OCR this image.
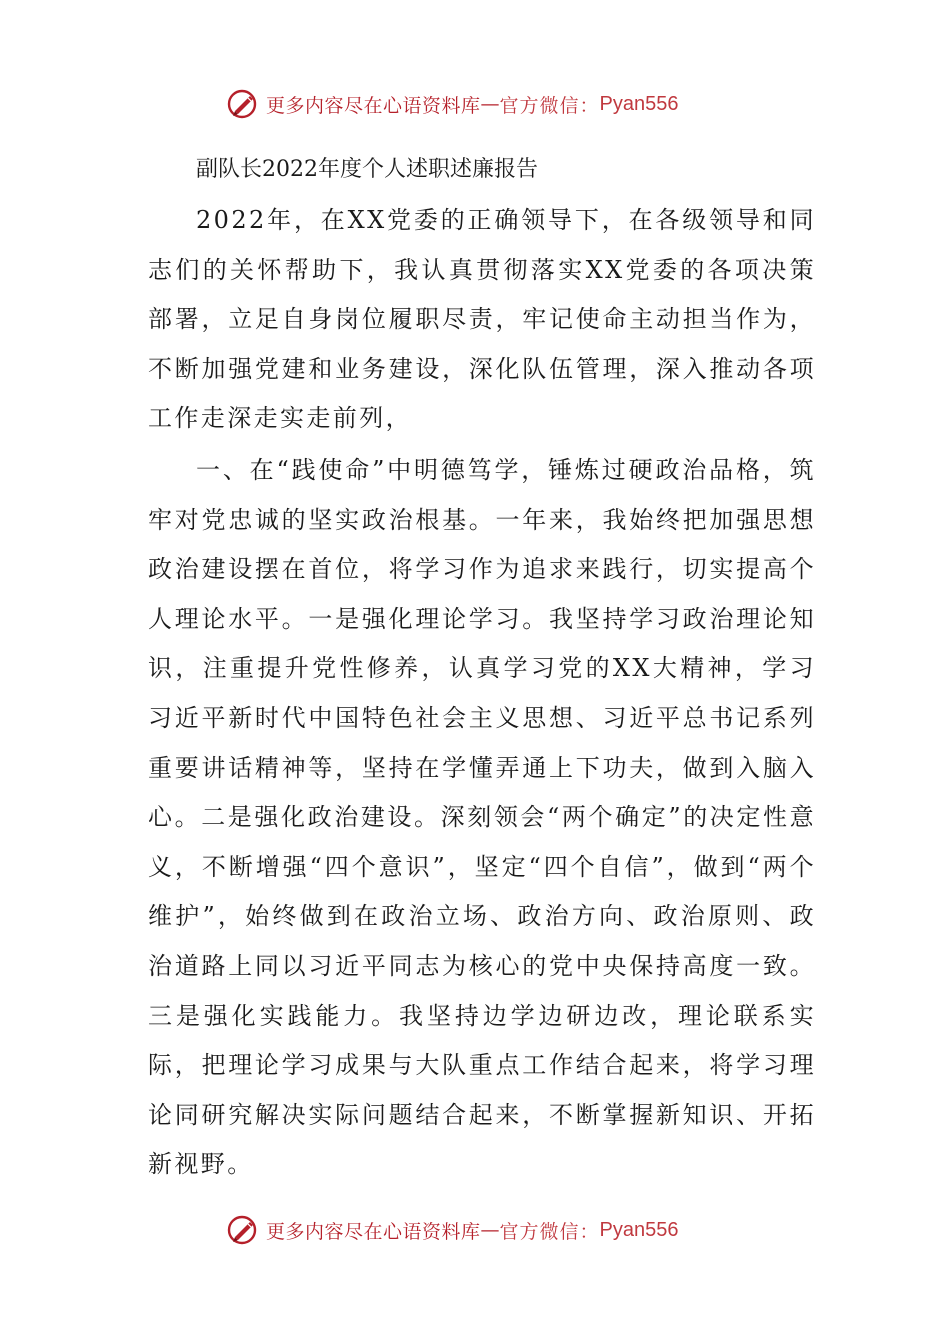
更多内容尽在心语资料库 — 官方微信： Pyan556
副队长2022年度个人述职述廉报告

2022年，在XX党委的正确领导下，在各级领导和同志们的关怀帮助下，我认真贯彻落实XX党委的各项决策部署，立足自身岗位履职尽责，牢记使命主动担当作为，不断加强党建和业务建设，深化队伍管理，深入推动各项工作走深走实走前列，

一、在“践使命”中明德笃学，锤炼过硬政治品格，筑牢对党忠诚的坚实政治根基。一年来，我始终把加强思想政治建设摆在首位，将学习作为追求来践行，切实提高个人理论水平。一是强化理论学习。我坚持学习政治理论知识，注重提升党性修养，认真学习党的XX大精神，学习习近平新时代中国特色社会主义思想、习近平总书记系列重要讲话精神等，坚持在学懂弄通上下功夫，做到入脑入心。二是强化政治建设。深刻领会“两个确定”的决定性意义，不断增强“四个意识”，坚定“四个自信”，做到“两个维护”，始终做到在政治立场、政治方向、政治原则、政治道路上同以习近平同志为核心的党中央保持高度一致。三是强化实践能力。我坚持边学边研边改，理论联系实际，把理论学习成果与大队重点工作结合起来，将学习理论同研究解决实际问题结合起来，不断掌握新知识、开拓新视野。

更多内容尽在心语资料库 — 官方微信： Pyan556
